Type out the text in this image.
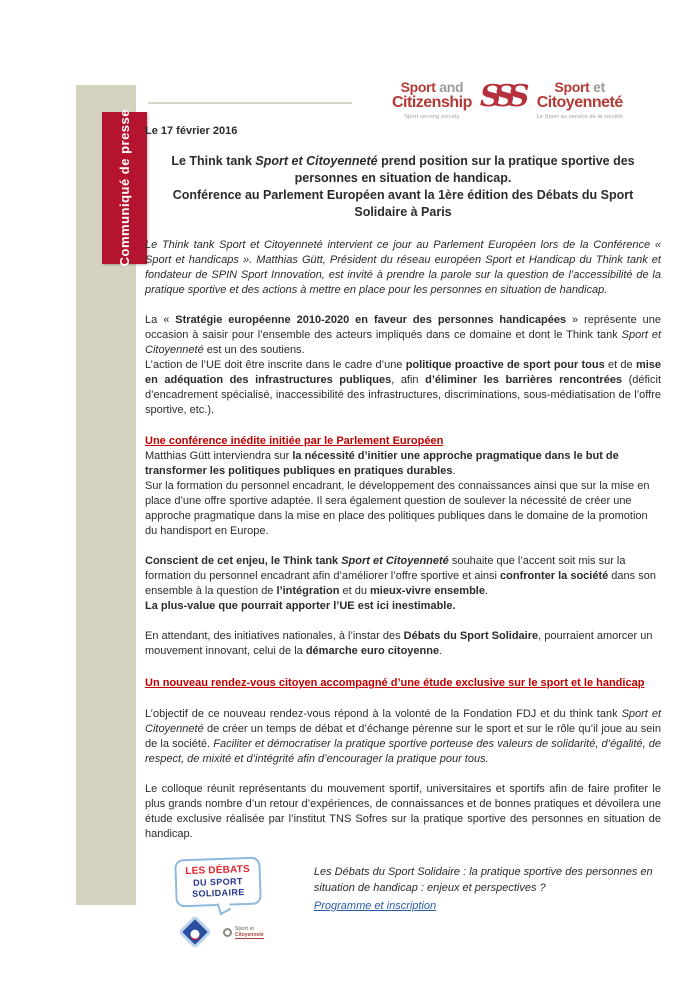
Communiqué de presse
Sport and
Citizenship
Sport serving society
SSS	Sport et
Citoyenneté
Le Sport au service de la société
Le 17 février 2016
Le Think tank Sport et Citoyenneté prend position sur la pratique sportive des personnes en situation de handicap.
Conférence au Parlement Européen avant la 1ère édition des Débats du Sport Solidaire à Paris
Le Think tank Sport et Citoyenneté intervient ce jour au Parlement Européen lors de la Conférence « Sport et handicaps ». Matthias Gütt, Président du réseau européen Sport et Handicap du Think tank et fondateur de SPIN Sport Innovation, est invité à prendre la parole sur la question de l’accessibilité de la pratique sportive et des actions à mettre en place pour les personnes en situation de handicap.
La « Stratégie européenne 2010-2020 en faveur des personnes handicapées » représente une occasion à saisir pour l’ensemble des acteurs impliqués dans ce domaine et dont le Think tank Sport et Citoyenneté est un des soutiens.
L’action de l’UE doit être inscrite dans le cadre d’une politique proactive de sport pour tous et de mise en adéquation des infrastructures publiques, afin d’éliminer les barrières rencontrées (déficit d’encadrement spécialisé, inaccessibilité des infrastructures, discriminations, sous-médiatisation de l’offre sportive, etc.).
Une conférence inédite initiée par le Parlement Européen
Matthias Gütt interviendra sur la nécessité d’initier une approche pragmatique dans le but de transformer les politiques publiques en pratiques durables.
Sur la formation du personnel encadrant, le développement des connaissances ainsi que sur la mise en place d’une offre sportive adaptée. Il sera également question de soulever la nécessité de créer une approche pragmatique dans la mise en place des politiques publiques dans le domaine de la promotion du handisport en Europe.
Conscient de cet enjeu, le Think tank Sport et Citoyenneté souhaite que l’accent soit mis sur la formation du personnel encadrant afin d’améliorer l’offre sportive et ainsi confronter la société dans son ensemble à la question de l’intégration et du mieux-vivre ensemble.
La plus-value que pourrait apporter l’UE est ici inestimable.
En attendant, des initiatives nationales, à l’instar des Débats du Sport Solidaire, pourraient amorcer un mouvement innovant, celui de la démarche euro citoyenne.
Un nouveau rendez-vous citoyen accompagné d’une étude exclusive sur le sport et le handicap
L’objectif de ce nouveau rendez-vous répond à la volonté de la Fondation FDJ et du think tank Sport et Citoyenneté de créer un temps de débat et d’échange pérenne sur le sport et sur le rôle qu’il joue au sein de la société. Faciliter et démocratiser la pratique sportive porteuse des valeurs de solidarité, d’égalité, de respect, de mixité et d’intégrité afin d’encourager la pratique pour tous.
Le colloque réunit représentants du mouvement sportif, universitaires et sportifs afin de faire profiter le plus grands nombre d’un retour d’expériences, de connaissances et de bonnes pratiques et dévoilera une étude exclusive réalisée par l’institut TNS Sofres sur la pratique sportive des personnes en situation de handicap.
LES DÉBATS
DU SPORT
SOLIDAIRE
Sport et
Citoyenneté
Les Débats du Sport Solidaire : la pratique sportive des personnes en situation de handicap : enjeux et perspectives ?
Programme et inscription
